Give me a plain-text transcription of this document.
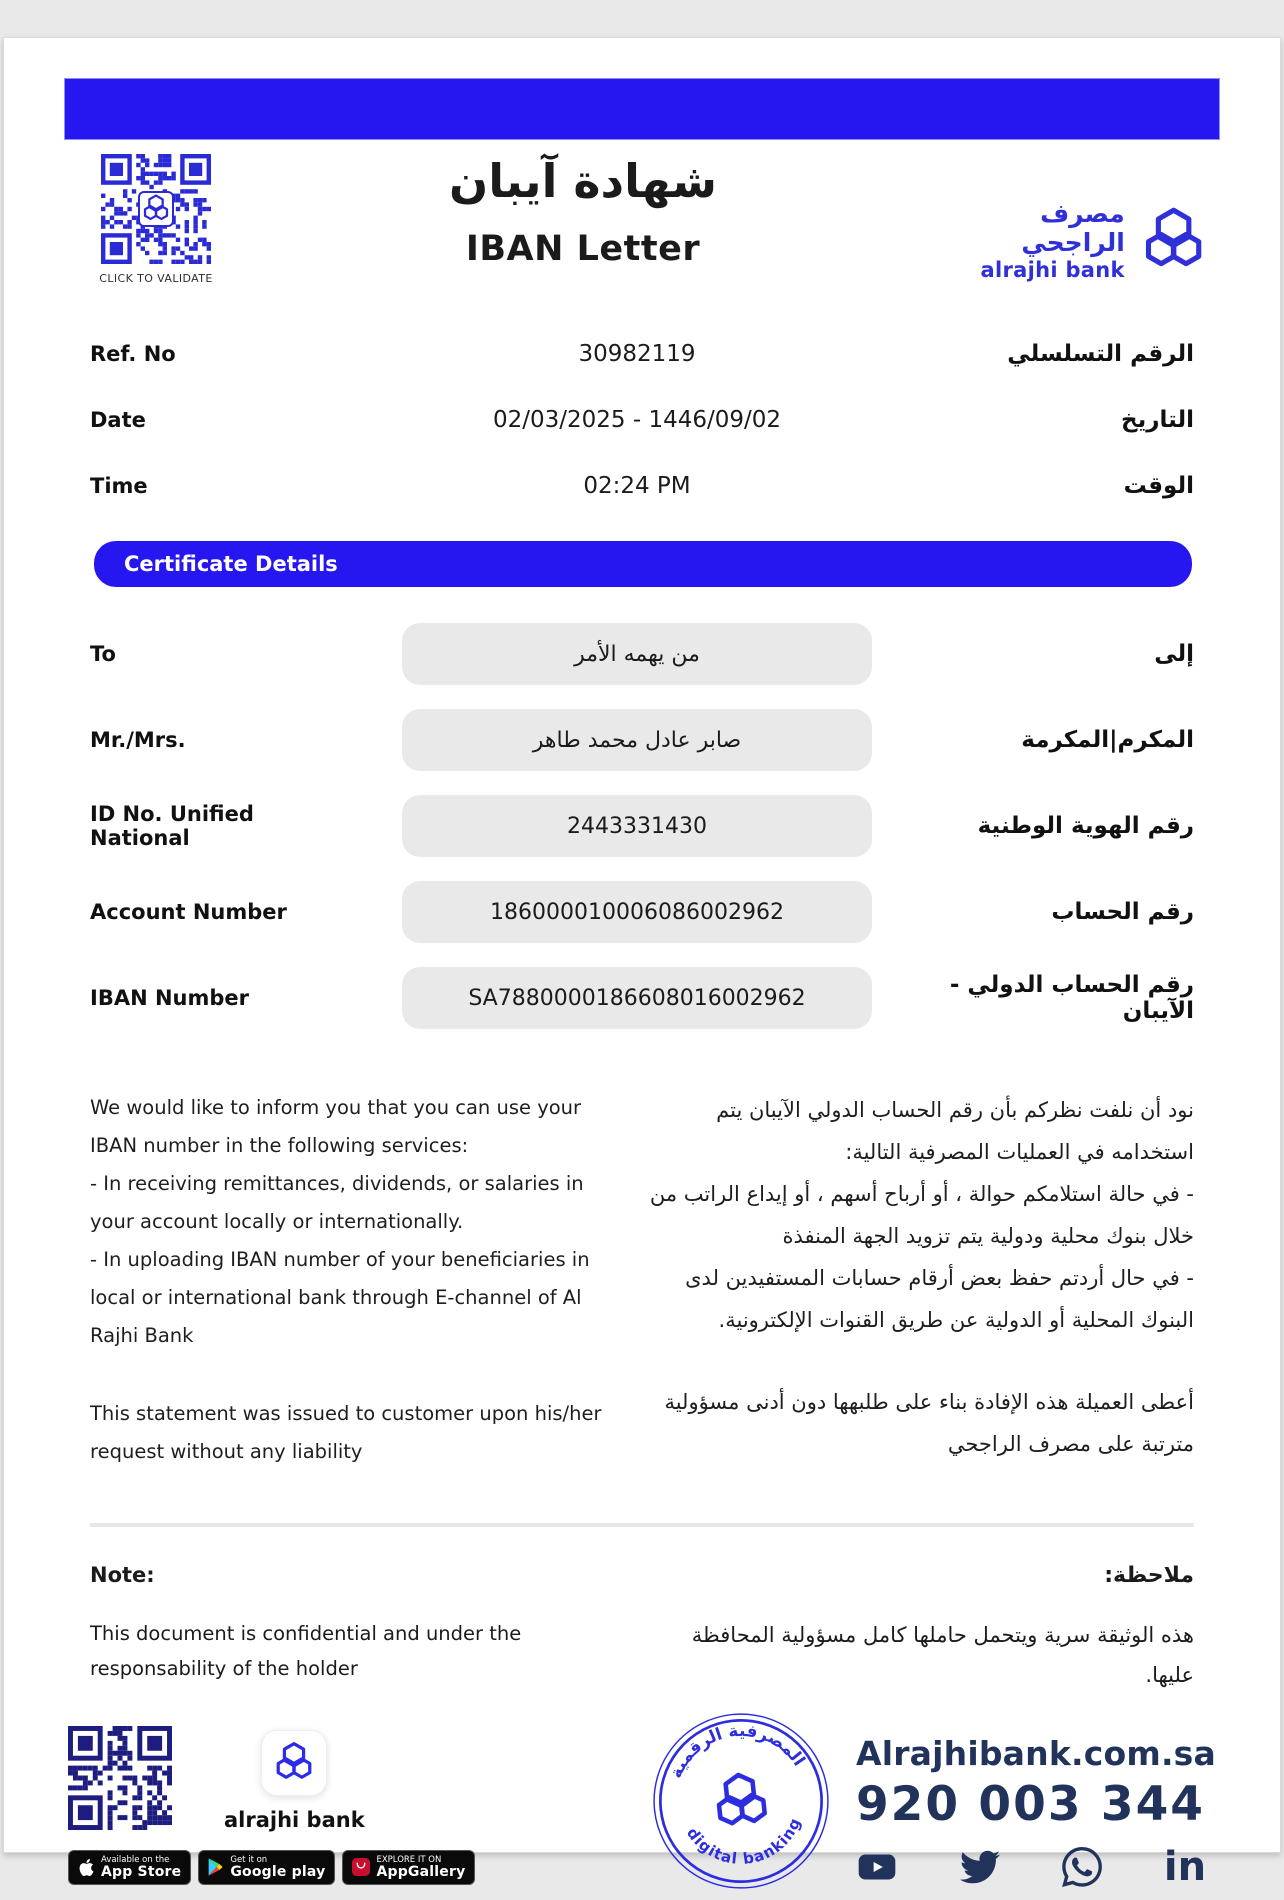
CLICK TO VALIDATE
شهادة آيبان
IBAN Letter
مصرف الراجحي
alrajhi bank
Ref. No	30982119	الرقم التسلسلي
Date	02/03/2025 - 1446/09/02	التاريخ
Time	02:24 PM	الوقت
Certificate Details
To	من يهمه الأمر	إلى
Mr./Mrs.	صابر عادل محمد طاهر	المكرم|المكرمة
ID No. Unified National	2443331430	رقم الهوية الوطنية
Account Number	186000010006086002962	رقم الحساب
IBAN Number	SA7880000186608016002962	رقم الحساب الدولي - الآيبان

We would like to inform you that you can use your IBAN number in the following services:

- In receiving remittances, dividends, or salaries in your account locally or internationally.

- In uploading IBAN number of your beneficiaries in local or international bank through E-channel of Al Rajhi Bank

This statement was issued to customer upon his/her request without any liability

نود أن نلفت نظركم بأن رقم الحساب الدولي الآيبان يتم استخدامه في العمليات المصرفية التالية:

- في حالة استلامكم حوالة ، أو أرباح أسهم ، أو إيداع الراتب من خلال بنوك محلية ودولية يتم تزويد الجهة المنفذة

- في حال أردتم حفظ بعض أرقام حسابات المستفيدين لدى البنوك المحلية أو الدولية عن طريق القنوات الإلكترونية.

أعطى العميلة هذه الإفادة بناء على طلبهها دون أدنى مسؤولية مترتبة على مصرف الراجحي

Note:	ملاحظة:
This document is confidential and under the responsability of the holder
هذه الوثيقة سرية ويتحمل حاملها كامل مسؤولية المحافظة عليها.
alrajhi bank
Available on the
App Store
Get it on
Google play
EXPLORE IT ON
AppGallery
المصرفية الرقمية
digital banking
Alrajhibank.com.sa
920 003 344
in
